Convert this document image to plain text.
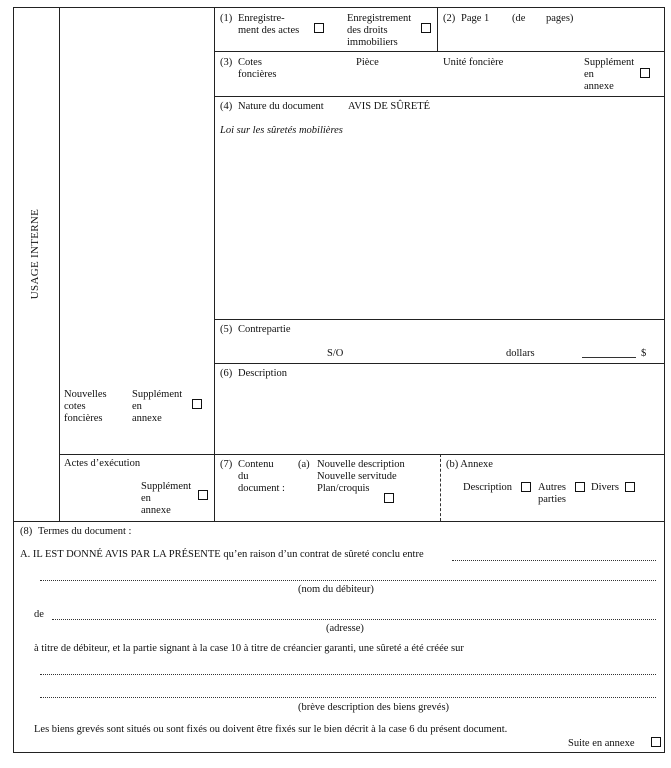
USAGE INTERNE
(1) Enregistre-
ment des actes
Enregistrement
des droits
immobiliers
(2) Page 1 (de pages)
(3) Cotes
foncières
Pièce	Unité foncière	Supplément
en
annexe
(4) Nature du document AVIS DE SÛRETÉ
Loi sur les sûretés mobilières
(5) Contrepartie
S/O	dollars	$
(6) Description
Nouvelles
cotes
foncières
Supplément
en
annexe
Actes d’exécution
Supplément
en
annexe
(7) Contenu
du
document :
(a) Nouvelle description
Nouvelle servitude
Plan/croquis
(b) Annexe
Description Autres
parties
Divers
(8) Termes du document :
A. IL EST DONNÉ AVIS PAR LA PRÉSENTE qu’en raison d’un contrat de sûreté conclu entre
(nom du débiteur)
de
(adresse)
à titre de débiteur, et la partie signant à la case 10 à titre de créancier garanti, une sûreté a été créée sur
(brève description des biens grevés)
Les biens grevés sont situés ou sont fixés ou doivent être fixés sur le bien décrit à la case 6 du présent document.
Suite en annexe
